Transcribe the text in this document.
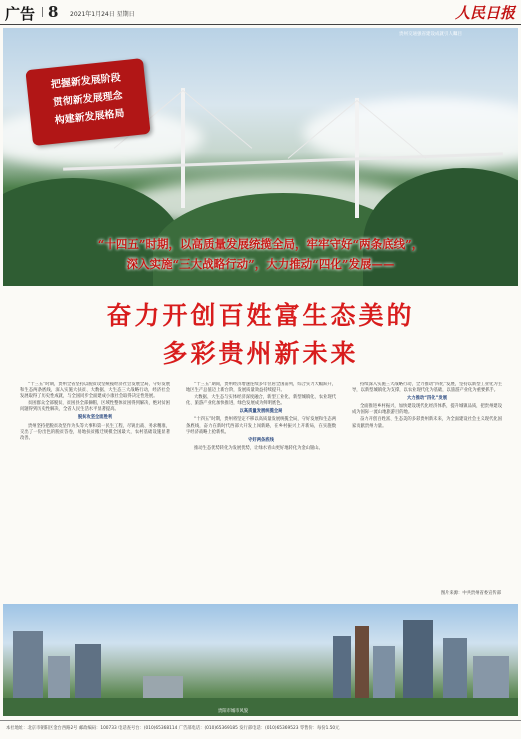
广告 8 2021年1月24日 星期日	人民日报
贵州交通强省建设成就引人瞩目
把握新发展阶段
贯彻新发展理念
构建新发展格局
“十四五”时期，以高质量发展统揽全局，牢牢守好“两条底线”，
深入实施“三大战略行动”，大力推动“四化”发展——
奋力开创百姓富生态美的
多彩贵州新未来

“十三五”时期，贵州全省坚持以脱贫攻坚统揽经济社会发展全局，守好发展和生态两条底线，深入实施大扶贫、大数据、大生态三大战略行动，经济社会发展取得了历史性成就，与全国同步全面建成小康社会取得决定性进展。

贫困群众全部脱贫，贫困县全部摘帽，区域性整体贫困得到解决，绝对贫困问题得到历史性解决，全省人民生活水平显著提高。

脱贫攻坚全面胜利

贵州坚持把脱贫攻坚作为头等大事和第一民生工程，尽锐出战、务求精准，交出了一份出色的脱贫答卷，易地扶贫搬迁规模全国最大，农村基础设施显著改善。

“十三五”期间，贵州经济增速连续多年位居全国前列，综合实力大幅跃升，地区生产总值迈上新台阶，发展质量效益持续提升。

大数据、大生态与实体经济深度融合，新型工业化、新型城镇化、农业现代化、旅游产业化加快推进，绿色发展成为鲜明底色。

以高质量发展统揽全局

“十四五”时期，贵州将坚定不移以高质量发展统揽全局，守好发展和生态两条底线，奋力在新时代西部大开发上闯新路，在乡村振兴上开新局，在实施数字经济战略上抢新机。

守好两条底线

推动生态优势转化为发展优势，让绿水青山更好地转化为金山银山。

持续深入实施三大战略行动，全力推动“四化”发展，坚持以新型工业化为主导，以新型城镇化为支撑，以农业现代化为基础，以旅游产业化为重要抓手。

大力推动“四化”发展

全面推进乡村振兴，加快建设现代化经济体系，提升城镇品质，把贵州建设成为国际一流山地旅游目的地。

奋力开创百姓富、生态美的多彩贵州新未来，为全面建设社会主义现代化国家贡献贵州力量。

图片来源：中共贵州省委宣传部
贵阳市城市风貌
本社地址：北京市朝阳区金台西路2号 邮政编码：100733 电话查号台：(010)65368114 广告部电话：(010)65369185 发行部电话：(010)65369523 零售价：每份1.50元
